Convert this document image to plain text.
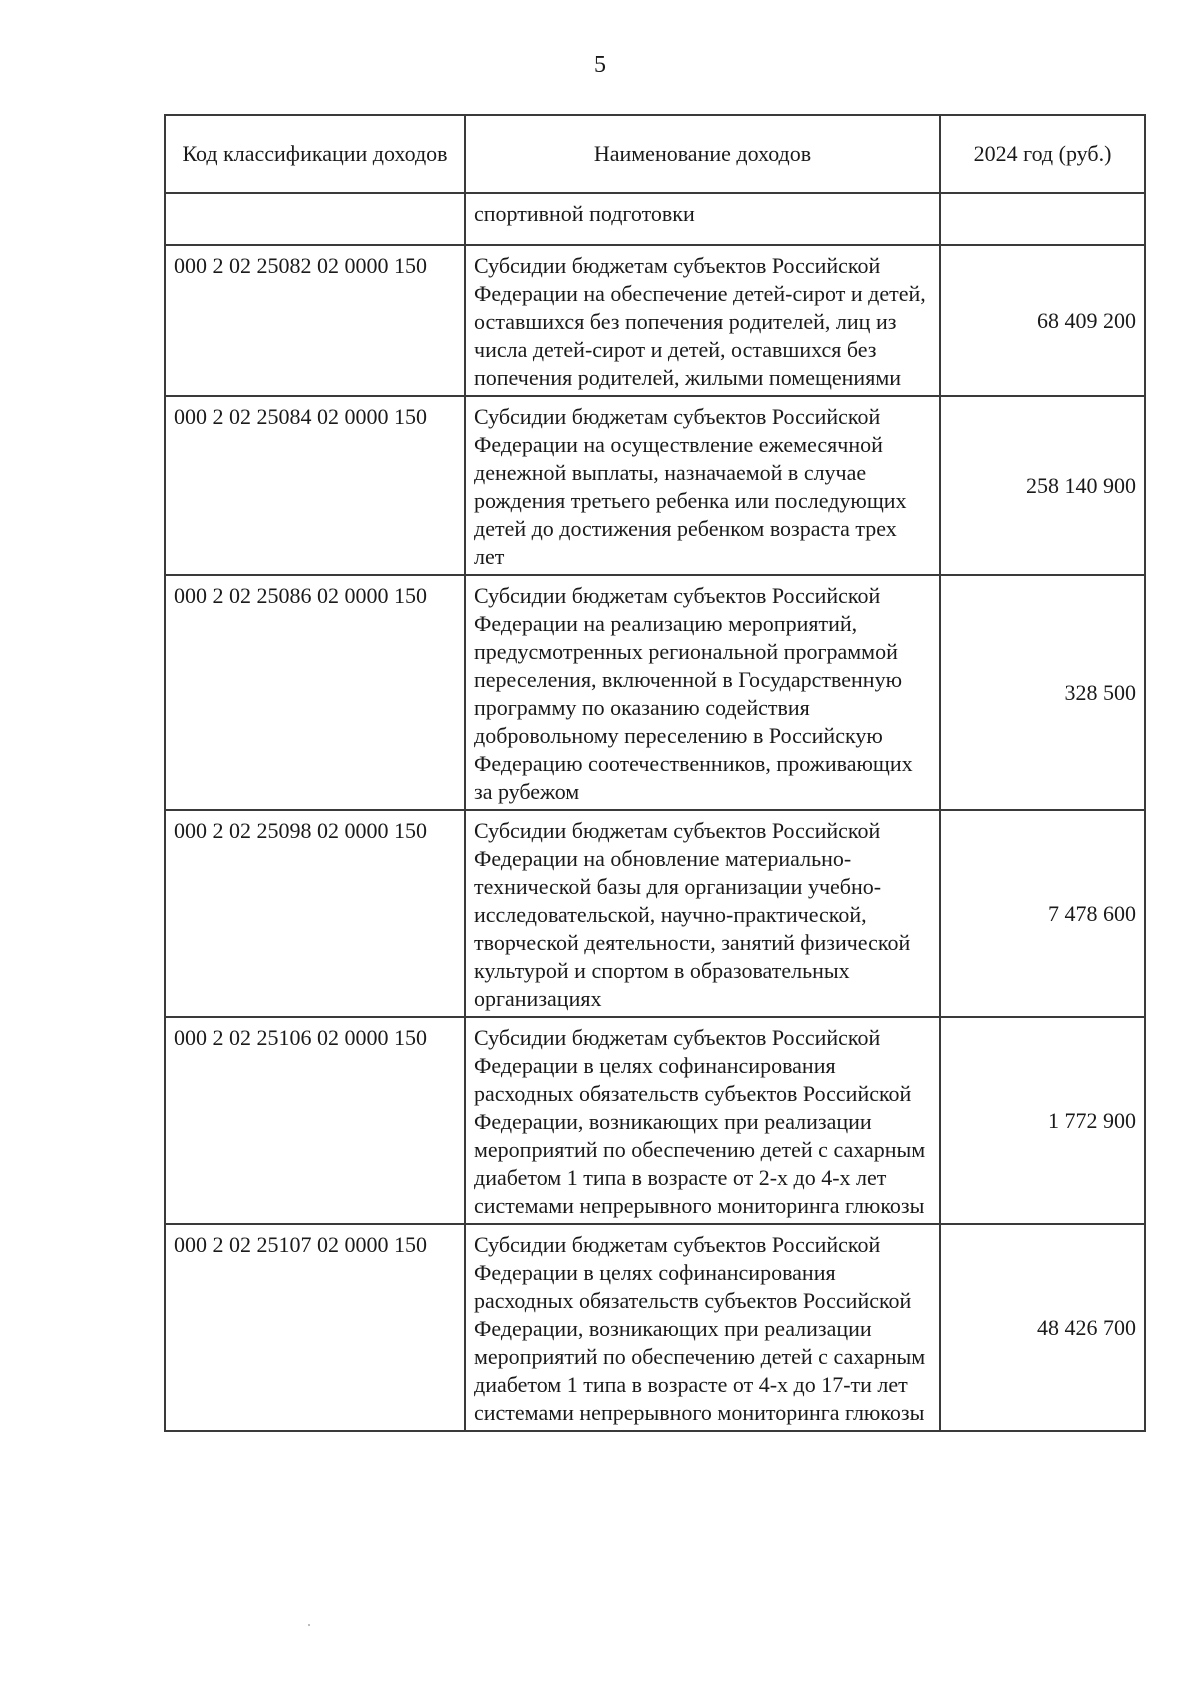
5
Код классификации доходов	Наименование доходов	2024 год (руб.)
	спортивной подготовки	
000 2 02 25082 02 0000 150	Субсидии бюджетам субъектов Российской Федерации на обеспечение детей-сирот и детей, оставшихся без попечения родителей, лиц из числа детей-сирот и детей, оставшихся без попечения родителей, жилыми помещениями	68 409 200
000 2 02 25084 02 0000 150	Субсидии бюджетам субъектов Российской Федерации на осуществление ежемесячной денежной выплаты, назначаемой в случае рождения третьего ребенка или последующих детей до достижения ребенком возраста трех лет	258 140 900
000 2 02 25086 02 0000 150	Субсидии бюджетам субъектов Российской Федерации на реализацию мероприятий, предусмотренных региональной программой переселения, включенной в Государственную программу по оказанию содействия добровольному переселению в Российскую Федерацию соотечественников, проживающих за рубежом	328 500
000 2 02 25098 02 0000 150	Субсидии бюджетам субъектов Российской Федерации на обновление материально-технической базы для организации учебно-исследовательской, научно-практической, творческой деятельности, занятий физической культурой и спортом в образовательных организациях	7 478 600
000 2 02 25106 02 0000 150	Субсидии бюджетам субъектов Российской Федерации в целях софинансирования расходных обязательств субъектов Российской Федерации, возникающих при реализации мероприятий по обеспечению детей с сахарным диабетом 1 типа в возрасте от 2-х до 4-х лет системами непрерывного мониторинга глюкозы	1 772 900
000 2 02 25107 02 0000 150	Субсидии бюджетам субъектов Российской Федерации в целях софинансирования расходных обязательств субъектов Российской Федерации, возникающих при реализации мероприятий по обеспечению детей с сахарным диабетом 1 типа в возрасте от 4-х до 17-ти лет системами непрерывного мониторинга глюкозы	48 426 700
